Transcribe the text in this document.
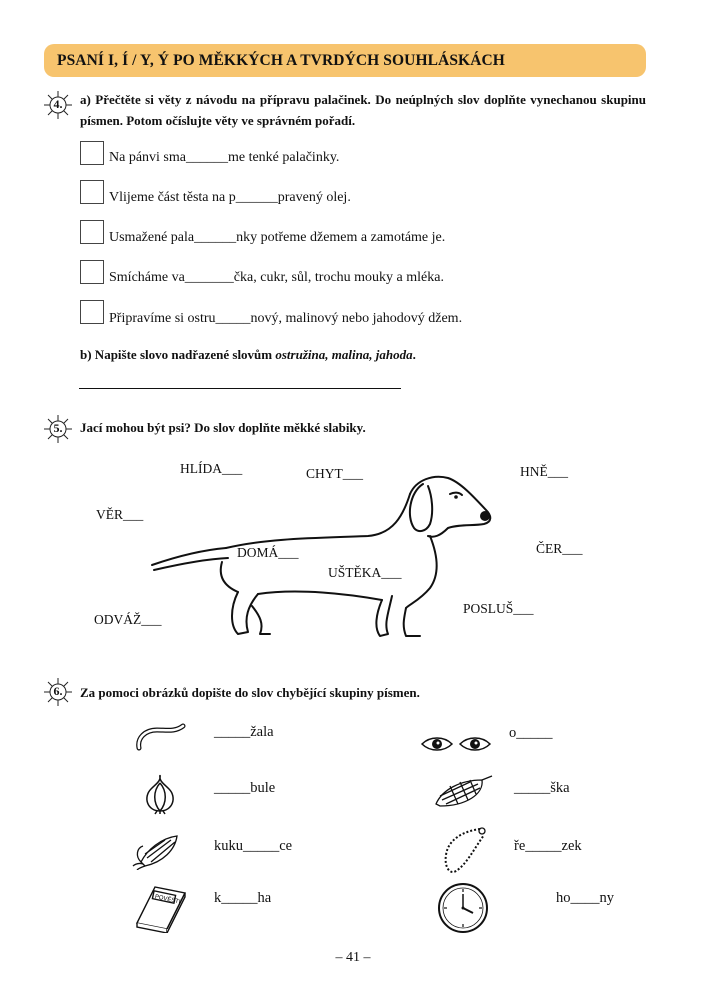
PSANÍ I, Í / Y, Ý PO MĚKKÝCH A TVRDÝCH SOUHLÁSKÁCH
4.	a) Přečtěte si věty z návodu na přípravu palačinek. Do neúplných slov doplňte vynechanou skupinu písmen. Potom očíslujte věty ve správném pořadí.
Na pánvi sma______me tenké palačinky.
Vlijeme část těsta na p______pravený olej.
Usmažené pala______nky potřeme džemem a zamotáme je.
Smícháme va_______čka, cukr, sůl, trochu mouky a mléka.
Připravíme si ostru_____nový, malinový nebo jahodový džem.
b) Napište slovo nadřazené slovům ostružina, malina, jahoda.
5.	Jací mohou být psi? Do slov doplňte měkké slabiky.
HLÍDA___	CHYT___	HNĚ___
VĚR___
DOMÁ___	ČER___
UŠTĚKA___
POSLUŠ___
ODVÁŽ___
6.	Za pomoci obrázků dopište do slov chybějící skupiny písmen.
POVĚSTI
_____žala
_____bule
kuku_____ce
k_____ha
o_____
_____ška
ře_____zek
ho____ny
– 41 –
